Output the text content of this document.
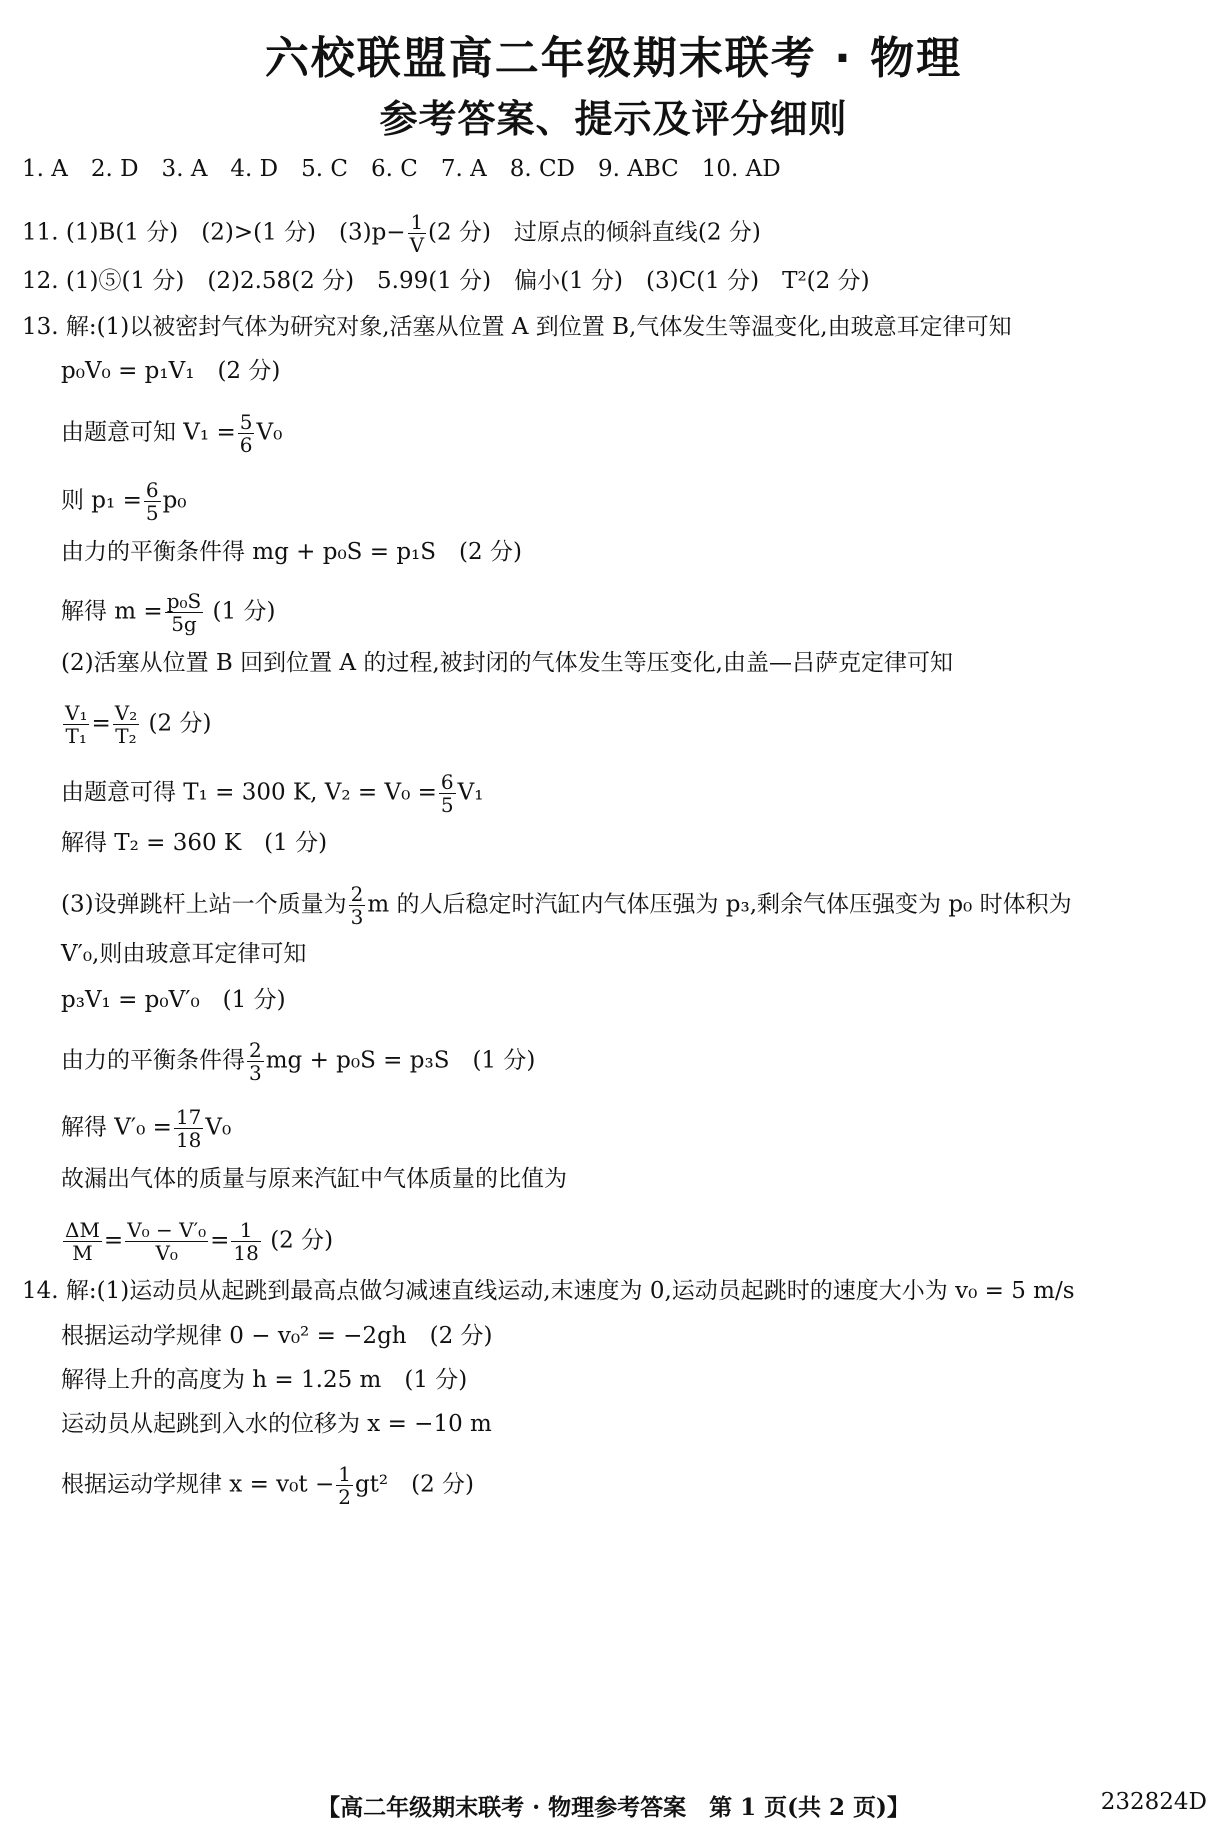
六校联盟高二年级期末联考 · 物理
参考答案、提示及评分细则
1. A　2. D　3. A　4. D　5. C　6. C　7. A　8. CD　9. ABC　10. AD
11. (1)B(1 分)　(2)>(1 分)　$(3)p- \frac{1}{V} (2$ 分)　过原点的倾斜直线(2 分)
12. (1)⑤(1 分)　(2)2.58(2 分)　5.99(1 分)　偏小(1 分)　(3)C(1 分)　T²(2 分)
13. 解:(1)以被密封气体为研究对象,活塞从位置 A 到位置 B,气体发生等温变化,由玻意耳定律可知
p₀V₀ = p₁V₁　(2 分)
由题意可知 $V_1 = \frac{5}{6} V_0$
则 $p_1 = \frac{6}{5} p_0$
由力的平衡条件得 mg + p₀S = p₁S　(2 分)
解得 $m = \frac{\text{p₀S}}{5g} (1$ 分)
(2)活塞从位置 B 回到位置 A 的过程,被封闭的气体发生等压变化,由盖—吕萨克定律可知
$\frac{\text{V₁}}{\text{T₁}} = \frac{\text{V₂}}{\text{T₂}} (2$ 分)
由题意可得 T₁ = 300 K, $V_2 = V_0 = \frac{6}{5} V_1$
解得 T₂ = 360 K　(1 分)
(3)设弹跳杆上站一个质量为 $\frac{2}{3}$ m 的人后稳定时汽缸内气体压强为 p₃,剩余气体压强变为 p₀ 时体积为
V′₀,则由玻意耳定律可知
p₃V₁ = p₀V′₀　(1 分)
由力的平衡条件得 $\frac{2}{3}$ mg + p₀S = p₃S　(1 分)
解得 $V'_0 = \frac{17}{18} V_0$
故漏出气体的质量与原来汽缸中气体质量的比值为
$\frac{\Delta M}{M} = \frac{\text{V₀ − V′₀}}{\text{V₀}} = \frac{1}{18} (2$ 分)
14. 解:(1)运动员从起跳到最高点做匀减速直线运动,末速度为 0,运动员起跳时的速度大小为 v₀ = 5 m/s
根据运动学规律 0 − v₀² = −2gh　(2 分)
解得上升的高度为 h = 1.25 m　(1 分)
运动员从起跳到入水的位移为 x = −10 m
根据运动学规律 $x = v_0t - \frac{1}{2} gt^2$　(2 分)
【高二年级期末联考 · 物理参考答案　第 1 页(共 2 页)】	232824D
